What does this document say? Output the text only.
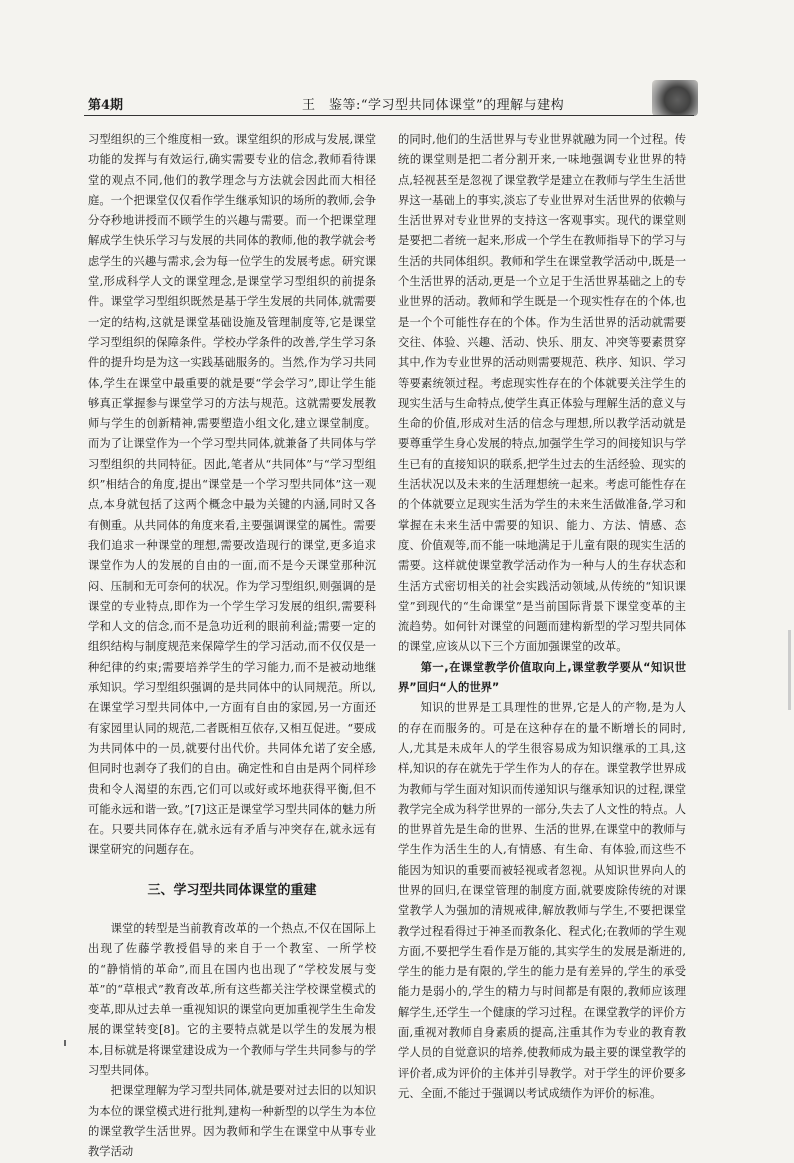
第4期	王　鉴等:“学习型共同体课堂”的理解与建构

习型组织的三个维度相一致。课堂组织的形成与发展,课堂功能的发挥与有效运行,确实需要专业的信念,教师看待课堂的观点不同,他们的教学理念与方法就会因此而大相径庭。一个把课堂仅仅看作学生继承知识的场所的教师,会争分夺秒地讲授而不顾学生的兴趣与需要。而一个把课堂理解成学生快乐学习与发展的共同体的教师,他的教学就会考虑学生的兴趣与需求,会为每一位学生的发展考虑。研究课堂,形成科学人文的课堂理念,是课堂学习型组织的前提条件。课堂学习型组织既然是基于学生发展的共同体,就需要一定的结构,这就是课堂基础设施及管理制度等,它是课堂学习型组织的保障条件。学校办学条件的改善,学生学习条件的提升均是为这一实践基础服务的。当然,作为学习共同体,学生在课堂中最重要的就是要“学会学习”,即让学生能够真正掌握参与课堂学习的方法与规范。这就需要发展教师与学生的创新精神,需要塑造小组文化,建立课堂制度。而为了让课堂作为一个学习型共同体,就兼备了共同体与学习型组织的共同特征。因此,笔者从“共同体”与“学习型组织”相结合的角度,提出“课堂是一个学习型共同体”这一观点,本身就包括了这两个概念中最为关键的内涵,同时又各有侧重。从共同体的角度来看,主要强调课堂的属性。需要我们追求一种课堂的理想,需要改造现行的课堂,更多追求课堂作为人的发展的自由的一面,而不是今天课堂那种沉闷、压制和无可奈何的状况。作为学习型组织,则强调的是课堂的专业特点,即作为一个学生学习发展的组织,需要科学和人文的信念,而不是急功近利的眼前利益;需要一定的组织结构与制度规范来保障学生的学习活动,而不仅仅是一种纪律的约束;需要培养学生的学习能力,而不是被动地继承知识。学习型组织强调的是共同体中的认同规范。所以,在课堂学习型共同体中,一方面有自由的家园,另一方面还有家园里认同的规范,二者既相互依存,又相互促进。“要成为共同体中的一员,就要付出代价。共同体允诺了安全感,但同时也剥夺了我们的自由。确定性和自由是两个同样珍贵和令人渴望的东西,它们可以或好或坏地获得平衡,但不可能永远和谐一致。”[7]这正是课堂学习型共同体的魅力所在。只要共同体存在,就永远有矛盾与冲突存在,就永远有课堂研究的问题存在。

三、学习型共同体课堂的重建

课堂的转型是当前教育改革的一个热点,不仅在国际上出现了佐藤学教授倡导的来自于一个教室、一所学校的“静悄悄的革命”,而且在国内也出现了“学校发展与变革”的“草根式”教育改革,所有这些都关注学校课堂模式的变革,即从过去单一重视知识的课堂向更加重视学生生命发展的课堂转变[8]。它的主要特点就是以学生的发展为根本,目标就是将课堂建设成为一个教师与学生共同参与的学习型共同体。

把课堂理解为学习型共同体,就是要对过去旧的以知识为本位的课堂模式进行批判,建构一种新型的以学生为本位的课堂教学生活世界。因为教师和学生在课堂中从事专业教学活动

的同时,他们的生活世界与专业世界就融为同一个过程。传统的课堂则是把二者分割开来,一味地强调专业世界的特点,轻视甚至是忽视了课堂教学是建立在教师与学生生活世界这一基础上的事实,淡忘了专业世界对生活世界的依赖与生活世界对专业世界的支持这一客观事实。现代的课堂则是要把二者统一起来,形成一个学生在教师指导下的学习与生活的共同体组织。教师和学生在课堂教学活动中,既是一个生活世界的活动,更是一个立足于生活世界基础之上的专业世界的活动。教师和学生既是一个现实性存在的个体,也是一个个可能性存在的个体。作为生活世界的活动就需要交往、体验、兴趣、活动、快乐、朋友、冲突等要素贯穿其中,作为专业世界的活动则需要规范、秩序、知识、学习等要素统领过程。考虑现实性存在的个体就要关注学生的现实生活与生命特点,使学生真正体验与理解生活的意义与生命的价值,形成对生活的信念与理想,所以教学活动就是要尊重学生身心发展的特点,加强学生学习的间接知识与学生已有的直接知识的联系,把学生过去的生活经验、现实的生活状况以及未来的生活理想统一起来。考虑可能性存在的个体就要立足现实生活为学生的未来生活做准备,学习和掌握在未来生活中需要的知识、能力、方法、情感、态度、价值观等,而不能一味地满足于儿童有限的现实生活的需要。这样就使课堂教学活动作为一种与人的生存状态和生活方式密切相关的社会实践活动领域,从传统的“知识课堂”到现代的“生命课堂”是当前国际背景下课堂变革的主流趋势。如何针对课堂的问题而建构新型的学习型共同体的课堂,应该从以下三个方面加强课堂的改革。

第一,在课堂教学价值取向上,课堂教学要从“知识世界”回归“人的世界”

知识的世界是工具理性的世界,它是人的产物,是为人的存在而服务的。可是在这种存在的量不断增长的同时,人,尤其是未成年人的学生很容易成为知识继承的工具,这样,知识的存在就先于学生作为人的存在。课堂教学世界成为教师与学生面对知识而传递知识与继承知识的过程,课堂教学完全成为科学世界的一部分,失去了人文性的特点。人的世界首先是生命的世界、生活的世界,在课堂中的教师与学生作为活生生的人,有情感、有生命、有体验,而这些不能因为知识的重要而被轻视或者忽视。从知识世界向人的世界的回归,在课堂管理的制度方面,就要废除传统的对课堂教学人为强加的清规戒律,解放教师与学生,不要把课堂教学过程看得过于神圣而教条化、程式化;在教师的学生观方面,不要把学生看作是万能的,其实学生的发展是渐进的,学生的能力是有限的,学生的能力是有差异的,学生的承受能力是弱小的,学生的精力与时间都是有限的,教师应该理解学生,还学生一个健康的学习过程。在课堂教学的评价方面,重视对教师自身素质的提高,注重其作为专业的教育教学人员的自觉意识的培养,使教师成为最主要的课堂教学的评价者,成为评价的主体并引导教学。对于学生的评价要多元、全面,不能过于强调以考试成绩作为评价的标准。
